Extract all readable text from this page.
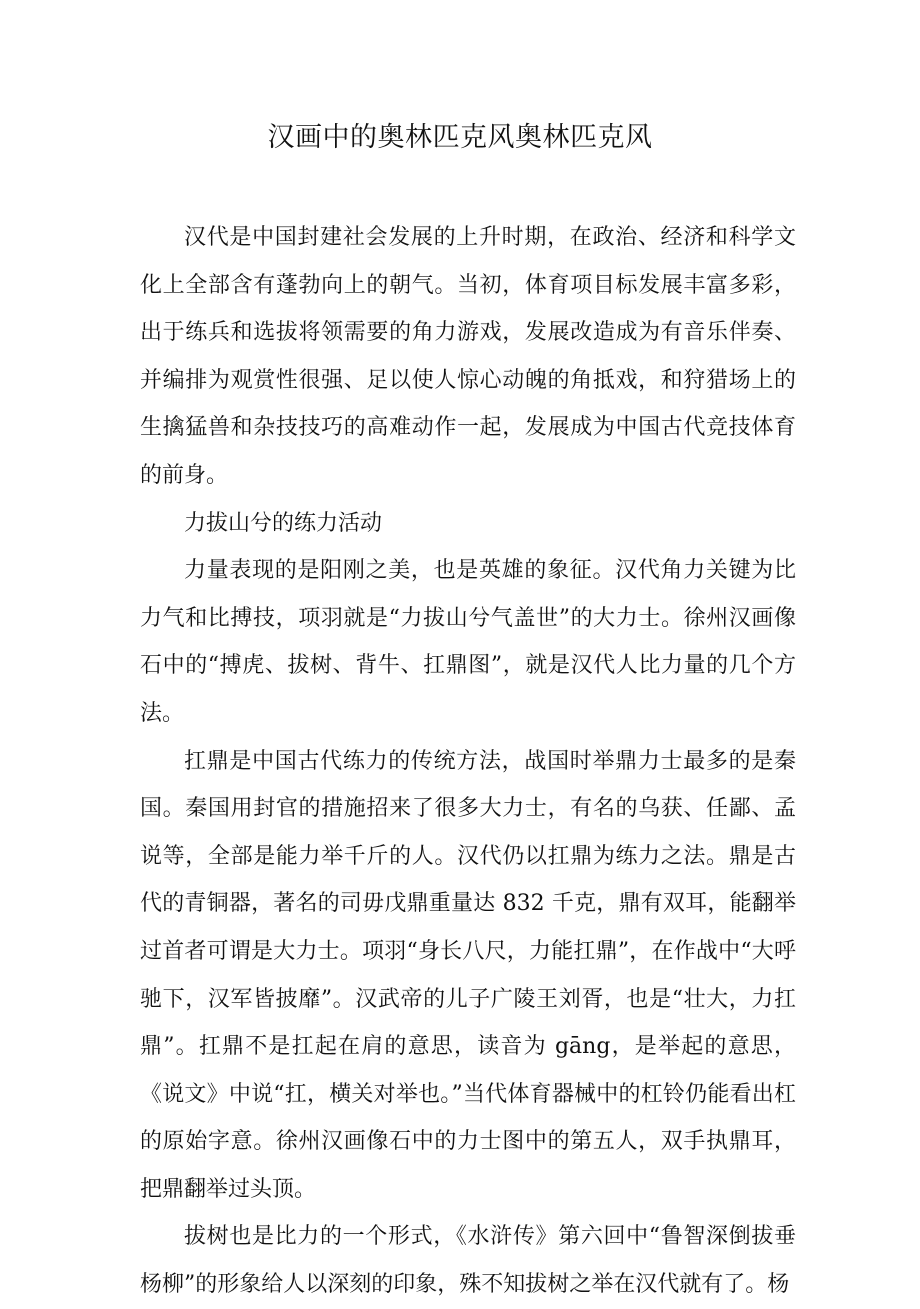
汉画中的奥林匹克风奥林匹克风

汉代是中国封建社会发展的上升时期，在政治、经济和科学文化上全部含有蓬勃向上的朝气。当初，体育项目标发展丰富多彩，出于练兵和选拔将领需要的角力游戏，发展改造成为有音乐伴奏、并编排为观赏性很强、足以使人惊心动魄的角抵戏，和狩猎场上的生擒猛兽和杂技技巧的高难动作一起，发展成为中国古代竞技体育的前身。

力拔山兮的练力活动

力量表现的是阳刚之美，也是英雄的象征。汉代角力关键为比力气和比搏技，项羽就是“力拔山兮气盖世”的大力士。徐州汉画像石中的“搏虎、拔树、背牛、扛鼎图”，就是汉代人比力量的几个方法。

扛鼎是中国古代练力的传统方法，战国时举鼎力士最多的是秦国。秦国用封官的措施招来了很多大力士，有名的乌获、任鄙、孟说等，全部是能力举千斤的人。汉代仍以扛鼎为练力之法。鼎是古代的青铜器，著名的司毋戊鼎重量达 832 千克，鼎有双耳，能翻举过首者可谓是大力士。项羽“身长八尺，力能扛鼎”，在作战中“大呼驰下，汉军皆披靡”。汉武帝的儿子广陵王刘胥，也是“壮大，力扛鼎”。扛鼎不是扛起在肩的意思，读音为 gāng，是举起的意思，《说文》中说“扛，横关对举也。”当代体育器械中的杠铃仍能看出杠的原始字意。徐州汉画像石中的力士图中的第五人，双手执鼎耳，把鼎翻举过头顶。

拔树也是比力的一个形式，《水浒传》第六回中“鲁智深倒拔垂杨柳”的形象给人以深刻的印象，殊不知拔树之举在汉代就有了。杨
